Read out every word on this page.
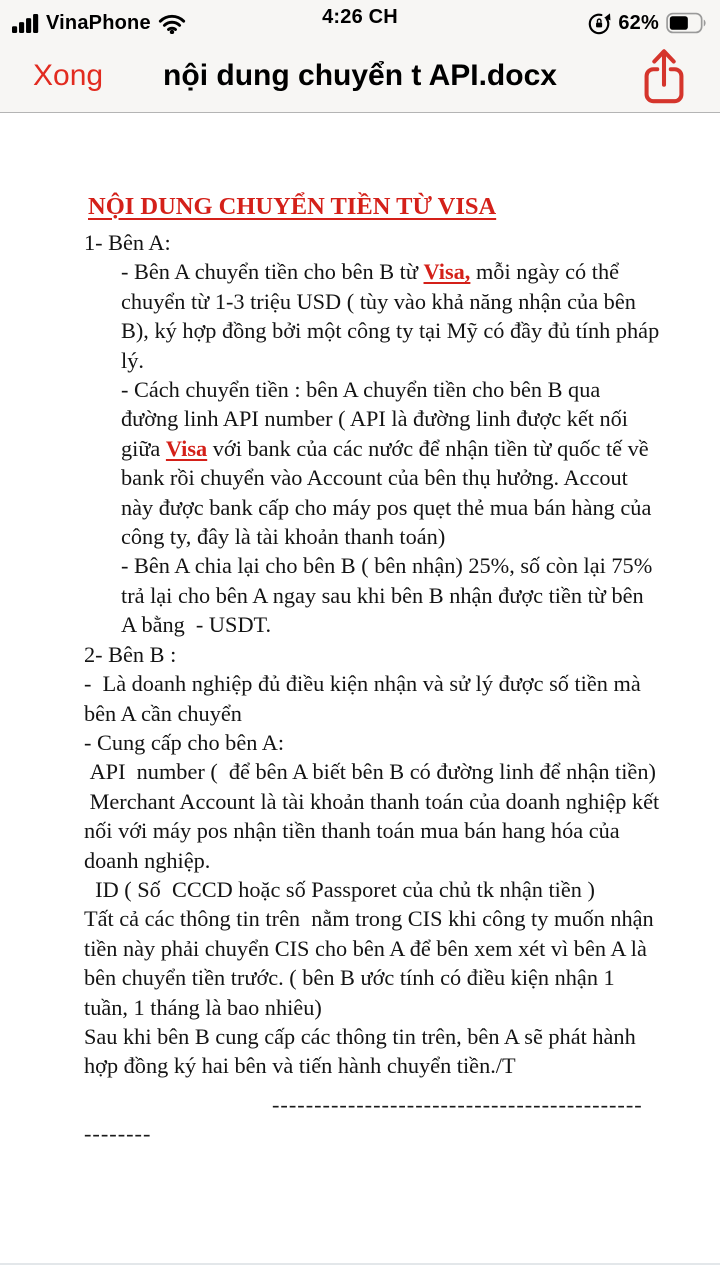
VinaPhone	4:26 CH	62%
Xong	nội dung chuyển t API.docx
NỘI DUNG CHUYỂN TIỀN TỪ VISA

1- Bên A:

- Bên A chuyển tiền cho bên B từ Visa, mỗi ngày có thể chuyển từ 1-3 triệu USD ( tùy vào khả năng nhận của bên B), ký hợp đồng bởi một công ty tại Mỹ có đầy đủ tính pháp lý.

- Cách chuyển tiền : bên A chuyển tiền cho bên B qua đường linh API number ( API là đường linh được kết nối giữa Visa với bank của các nước để nhận tiền từ quốc tế về bank rồi chuyển vào Account của bên thụ hưởng. Accout này được bank cấp cho máy pos quẹt thẻ mua bán hàng của công ty, đây là tài khoản thanh toán)

- Bên A chia lại cho bên B ( bên nhận) 25%, số còn lại 75% trả lại cho bên A ngay sau khi bên B nhận được tiền từ bên A bằng  - USDT.

2- Bên B :

-  Là doanh nghiệp đủ điều kiện nhận và sử lý được số tiền mà bên A cần chuyển

- Cung cấp cho bên A:

API  number (  để bên A biết bên B có đường linh để nhận tiền)

Merchant Account là tài khoản thanh toán của doanh nghiệp kết nối với máy pos nhận tiền thanh toán mua bán hang hóa của doanh nghiệp.

ID ( Số  CCCD hoặc số Passporet của chủ tk nhận tiền )

Tất cả các thông tin trên  nằm trong CIS khi công ty muốn nhận tiền này phải chuyển CIS cho bên A để bên xem xét vì bên A là bên chuyển tiền trước. ( bên B ước tính có điều kiện nhận 1 tuần, 1 tháng là bao nhiêu)

Sau khi bên B cung cấp các thông tin trên, bên A sẽ phát hành hợp đồng ký hai bên và tiến hành chuyển tiền./T

--------------------------------------------

--------
